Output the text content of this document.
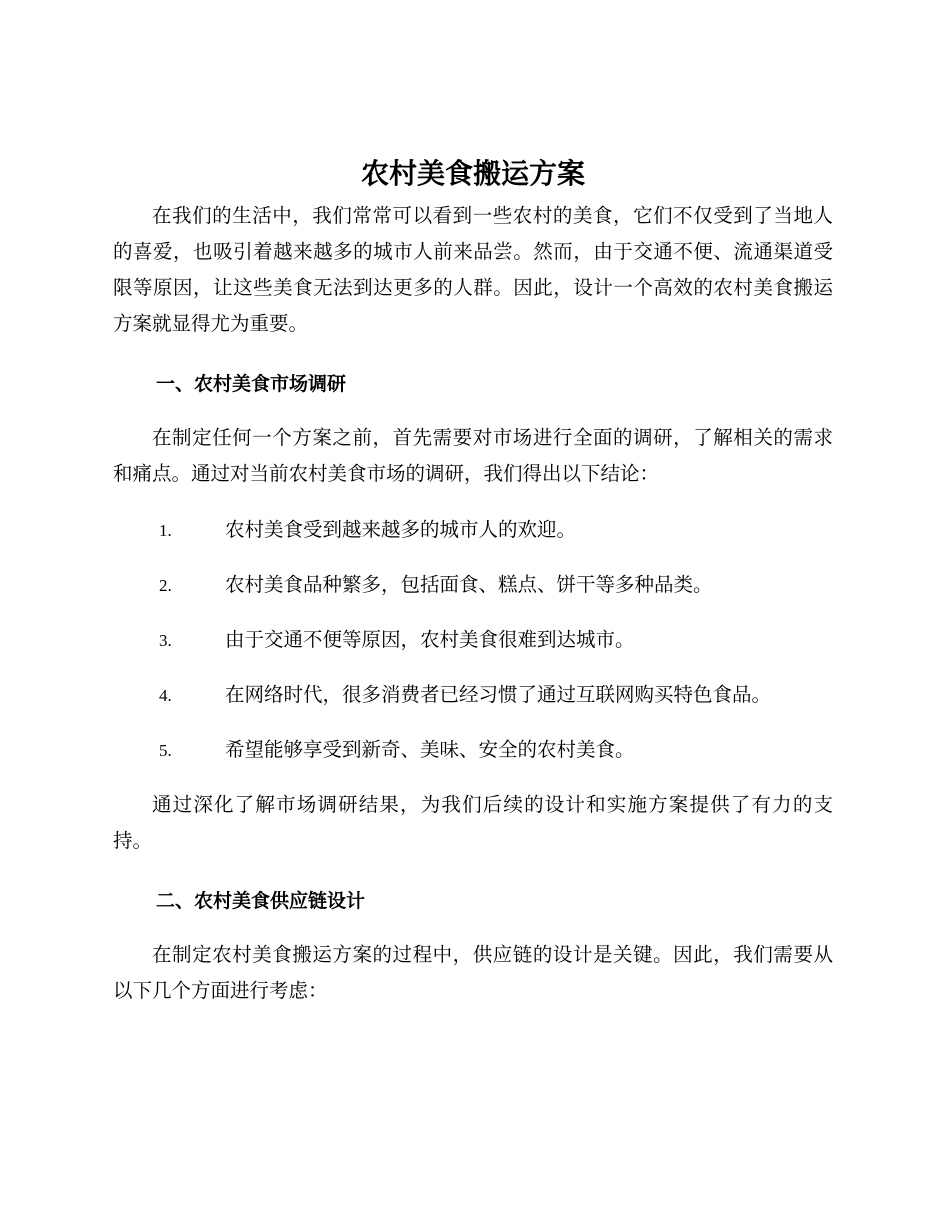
农村美食搬运方案

在我们的生活中，我们常常可以看到一些农村的美食，它们不仅受到了当地人的喜爱，也吸引着越来越多的城市人前来品尝。然而，由于交通不便、流通渠道受限等原因，让这些美食无法到达更多的人群。因此，设计一个高效的农村美食搬运方案就显得尤为重要。

一、农村美食市场调研

在制定任何一个方案之前，首先需要对市场进行全面的调研，了解相关的需求和痛点。通过对当前农村美食市场的调研，我们得出以下结论：

1.	农村美食受到越来越多的城市人的欢迎。
2.	农村美食品种繁多，包括面食、糕点、饼干等多种品类。
3.	由于交通不便等原因，农村美食很难到达城市。
4.	在网络时代，很多消费者已经习惯了通过互联网购买特色食品。
5.	希望能够享受到新奇、美味、安全的农村美食。

通过深化了解市场调研结果，为我们后续的设计和实施方案提供了有力的支持。

二、农村美食供应链设计

在制定农村美食搬运方案的过程中，供应链的设计是关键。因此，我们需要从以下几个方面进行考虑：
